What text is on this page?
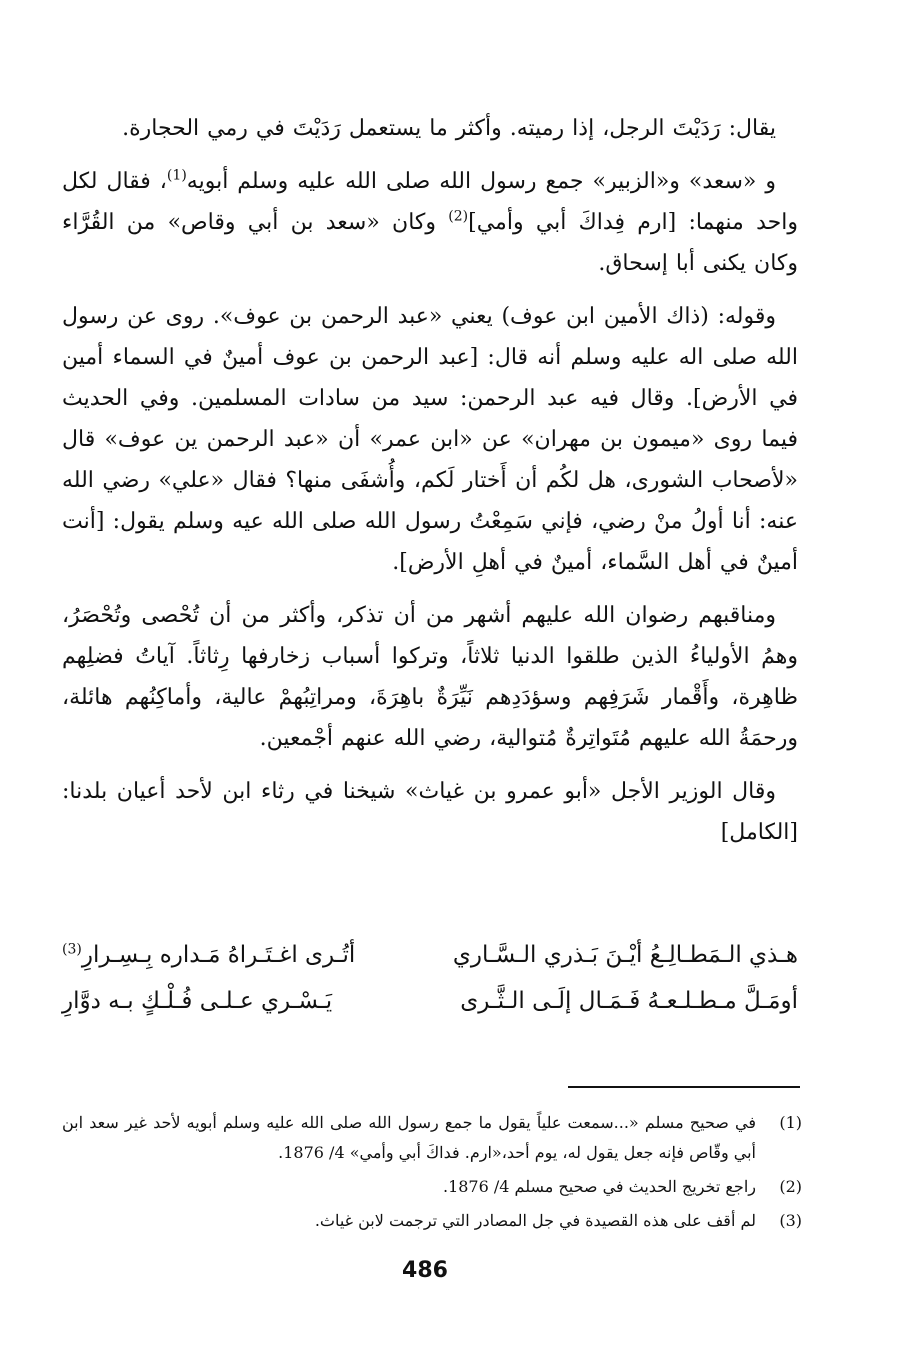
يقال: رَدَيْتَ الرجل، إذا رميته. وأكثر ما يستعمل رَدَيْتَ في رمي الحجارة.

و «سعد» و«الزبير» جمع رسول الله صلى الله عليه وسلم أبويه$^{(1)}$، فقال لكل واحد منهما: [ارم فِداكَ أبي وأمي]$^{(2)}$ وكان «سعد بن أبي وقاص» من القُرَّاء وكان يكنى أبا إسحاق.

وقوله: (ذاك الأمين ابن عوف) يعني «عبد الرحمن بن عوف». روى عن رسول الله صلى اله عليه وسلم أنه قال: [عبد الرحمن بن عوف أمينٌ في السماء أمين في الأرض]. وقال فيه عبد الرحمن: سيد من سادات المسلمين. وفي الحديث فيما روى «ميمون بن مهران» عن «ابن عمر» أن «عبد الرحمن ين عوف» قال «لأصحاب الشورى، هل لكُم أن أَختار لَكم، وأُشفَى منها؟ فقال «علي» رضي الله عنه: أنا أولُ منْ رضي، فإني سَمِعْتُ رسول الله صلى الله عيه وسلم يقول: [أنت أمينٌ في أهل السَّماء، أمينٌ في أهلِ الأرض].

ومناقبهم رضوان الله عليهم أشهر من أن تذكر، وأكثر من أن تُحْصى وتُحْصَرُ، وهمُ الأولياءُ الذين طلقوا الدنيا ثلاثاً، وتركوا أسباب زخارفها رِثاثاً. آياتُ فضلِهم ظاهِرة، وأَقْمار شَرَفِهم وسؤدَدِهم نَيِّرَةٌ باهِرَةَ، ومراتِبُهمْ عالية، وأماكِنُهم هائلة، ورحمَةُ الله عليهم مُتَواتِرةٌ مُتوالية، رضي الله عنهم أجْمعين.

وقال الوزير الأجل «أبو عمرو بن غياث» شيخنا في رثاء ابن لأحد أعيان بلدنا: [الكامل]

هـذي الـمَطـالِـعُ أيْـنَ بَـذري الـسَّـاري
أتُـرى اغـتَـراهُ مَـداره بِـسِـرارِ$^{(3)}$
أومَـلَّ مـطـلـعـهُ فَـمَـال إلَـى الـثَّـرى
يَـسْـري عـلـى فُـلْـكٍ بـه دوَّارِ
(1)
في صحيح مسلم «...سمعت علياً يقول ما جمع رسول الله صلى الله عليه وسلم أبويه لأحد غير سعد ابن أبي وقّاص فإنه جعل يقول له، يوم أحد،«ارم. فداكَ أبي وأمي» 4/ 1876.
(2)
راجع تخريج الحديث في صحيح مسلم 4/ 1876.
(3)
لم أقف على هذه القصيدة في جل المصادر التي ترجمت لابن غياث.
486
